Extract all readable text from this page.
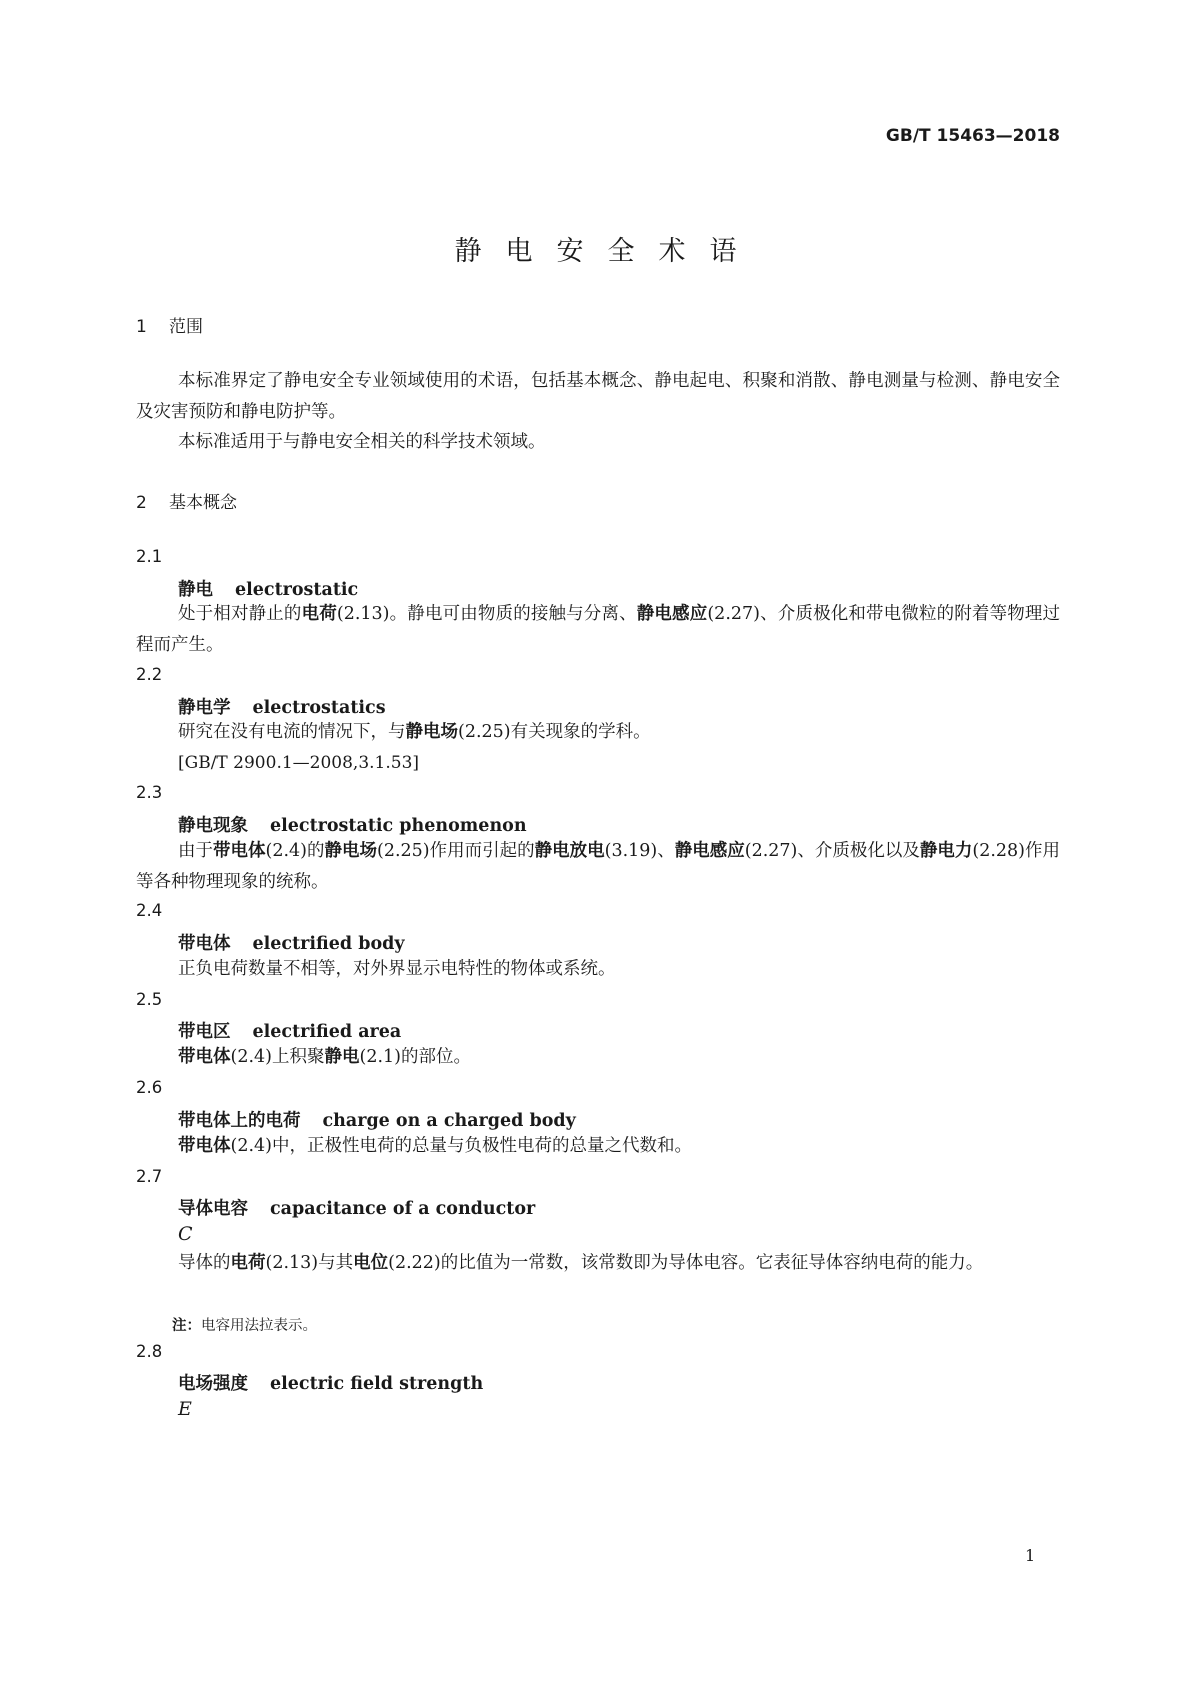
GB/T 15463—2018
静电安全术语
1 范围
本标准界定了静电安全专业领域使用的术语，包括基本概念、静电起电、积聚和消散、静电测量与检测、静电安全及灾害预防和静电防护等。
本标准适用于与静电安全相关的科学技术领域。
2 基本概念
2.1
静电 electrostatic
处于相对静止的电荷(2.13)。静电可由物质的接触与分离、静电感应(2.27)、介质极化和带电微粒的附着等物理过程而产生。
2.2
静电学 electrostatics
研究在没有电流的情况下，与静电场(2.25)有关现象的学科。
[GB/T 2900.1—2008,3.1.53]
2.3
静电现象 electrostatic phenomenon
由于带电体(2.4)的静电场(2.25)作用而引起的静电放电(3.19)、静电感应(2.27)、介质极化以及静电力(2.28)作用等各种物理现象的统称。
2.4
带电体 electrified body
正负电荷数量不相等，对外界显示电特性的物体或系统。
2.5
带电区 electrified area
带电体(2.4)上积聚静电(2.1)的部位。
2.6
带电体上的电荷 charge on a charged body
带电体(2.4)中，正极性电荷的总量与负极性电荷的总量之代数和。
2.7
导体电容 capacitance of a conductor
C
导体的电荷(2.13)与其电位(2.22)的比值为一常数，该常数即为导体电容。它表征导体容纳电荷的能力。
注：电容用法拉表示。
2.8
电场强度 electric field strength
E
1
